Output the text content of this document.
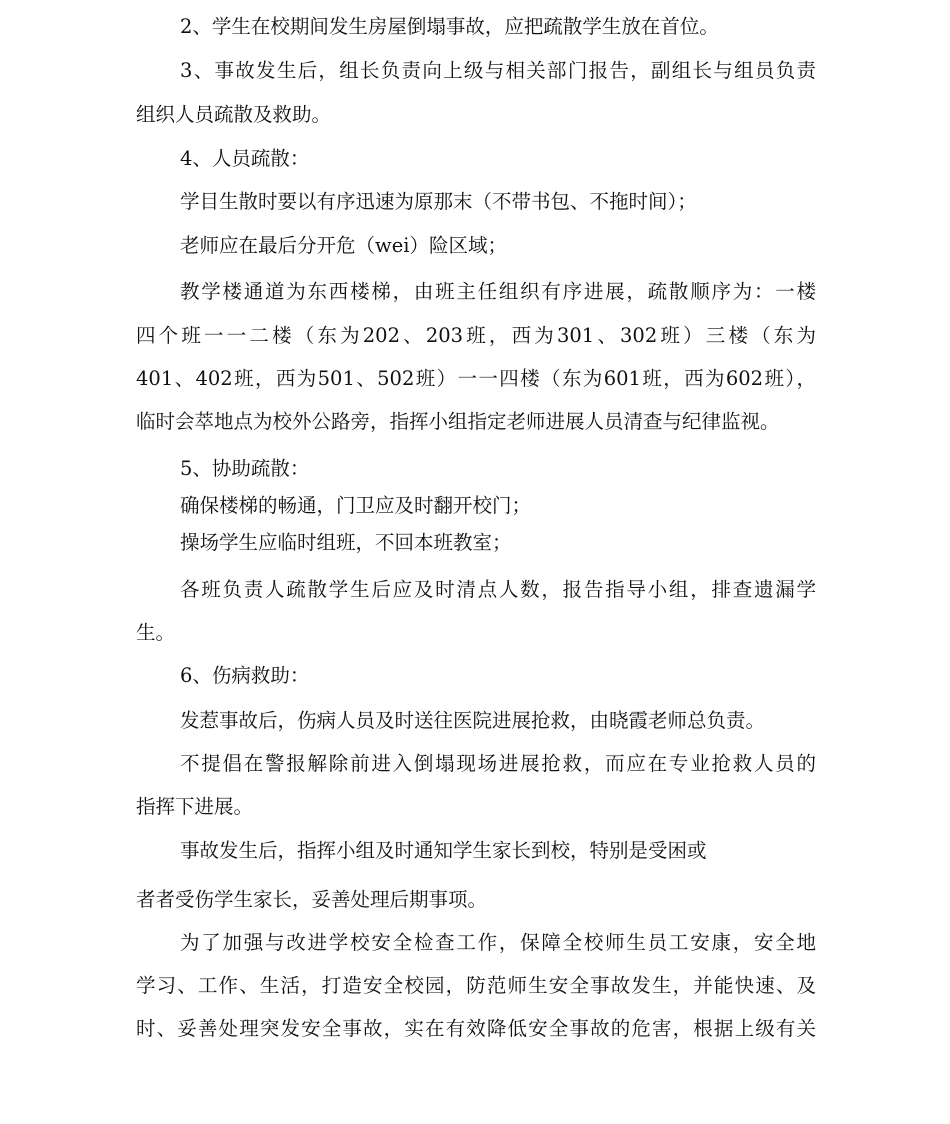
2、学生在校期间发生房屋倒塌事故，应把疏散学生放在首位。
3、事故发生后，组长负责向上级与相关部门报告，副组长与组员负责
组织人员疏散及救助。
4、人员疏散：
学目生散时要以有序迅速为原那末（不带书包、不拖时间）；
老师应在最后分开危（wei）险区域；
教学楼通道为东西楼梯，由班主任组织有序进展，疏散顺序为：一楼
四个班一一二楼（东为202、203班，西为301、302班）三楼（东为
401、402班，西为501、502班）一一四楼（东为601班，西为602班），
临时会萃地点为校外公路旁，指挥小组指定老师进展人员清查与纪律监视。
5、协助疏散：
确保楼梯的畅通，门卫应及时翻开校门；
操场学生应临时组班，不回本班教室；
各班负责人疏散学生后应及时清点人数，报告指导小组，排查遗漏学
生。
6、伤病救助：
发惹事故后，伤病人员及时送往医院进展抢救，由晓霞老师总负责。
不提倡在警报解除前进入倒塌现场进展抢救，而应在专业抢救人员的
指挥下进展。
事故发生后，指挥小组及时通知学生家长到校，特别是受困或
者者受伤学生家长，妥善处理后期事项。
为了加强与改进学校安全检查工作，保障全校师生员工安康，安全地
学习、工作、生活，打造安全校园，防范师生安全事故发生，并能快速、及
时、妥善处理突发安全事故，实在有效降低安全事故的危害，根据上级有关
